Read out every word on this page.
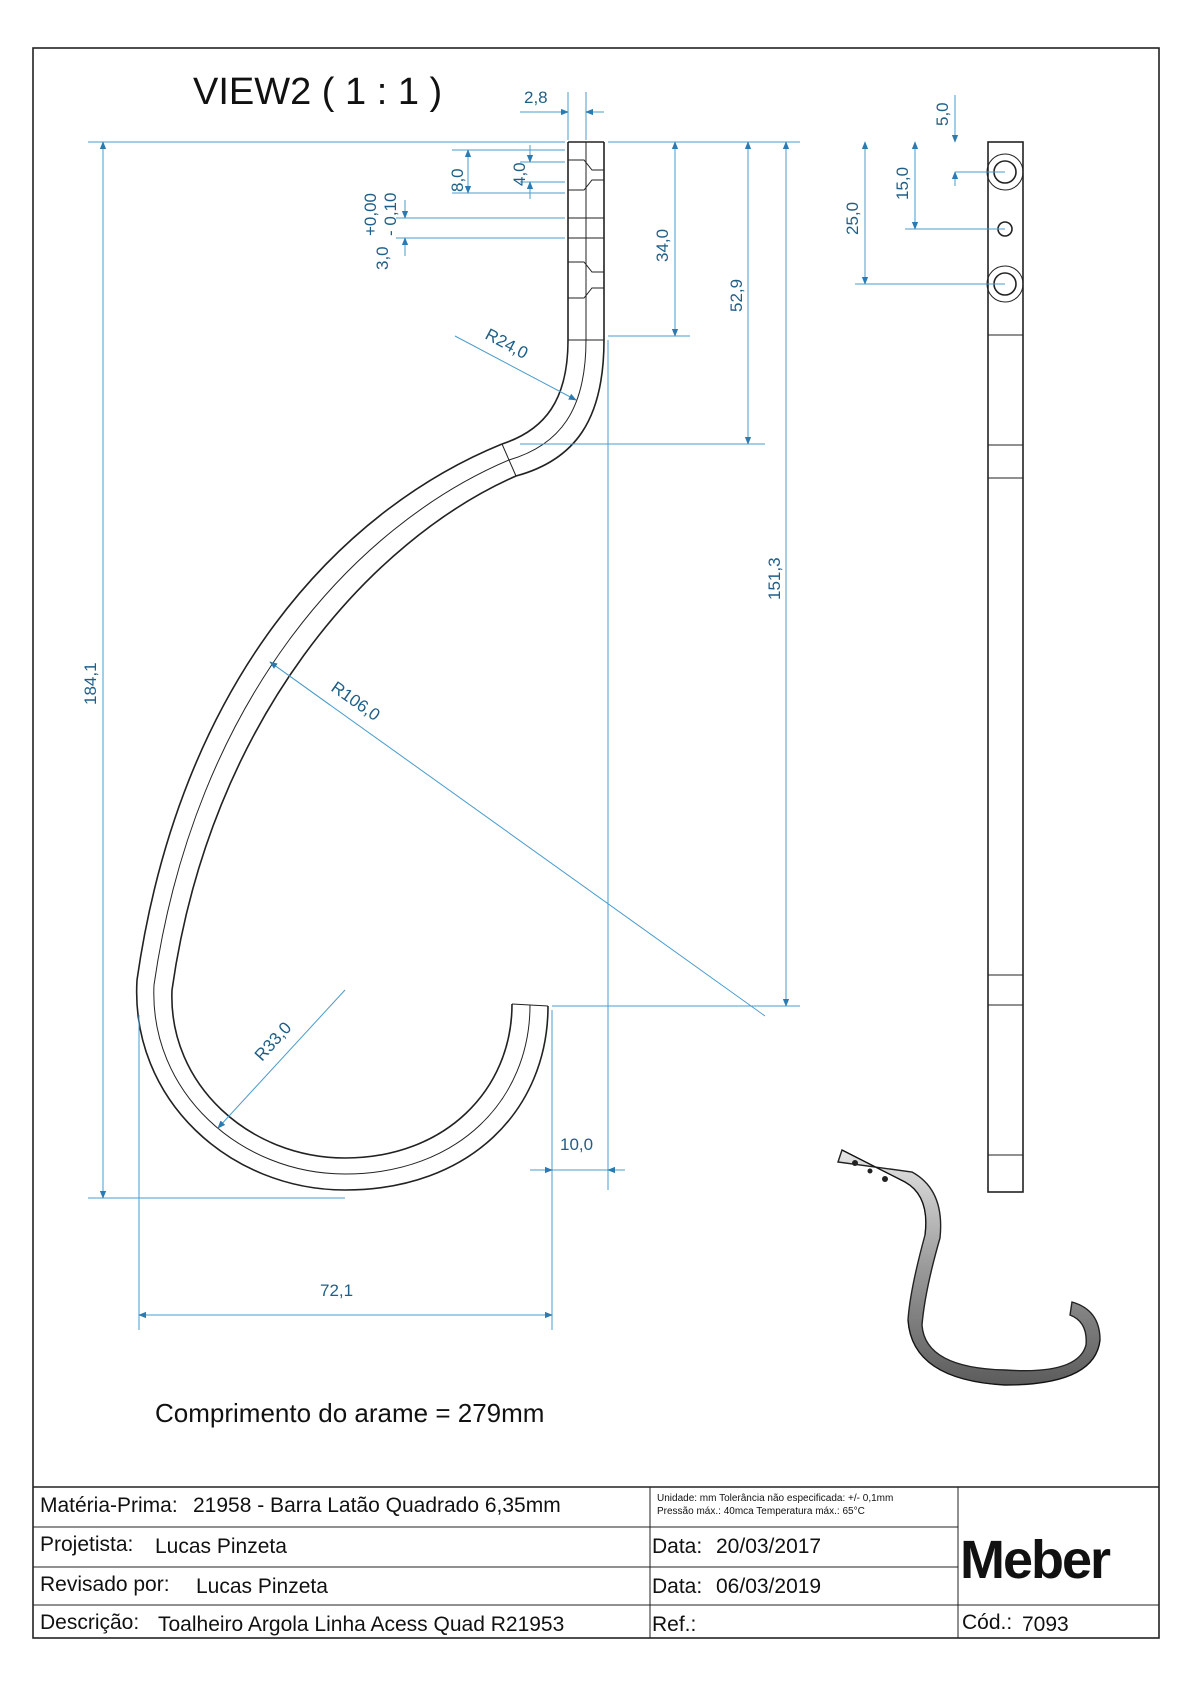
VIEW2 ( 1 : 1 )	2,8
8,0	4,0
3,0
+0,00 - 0,10
34,0
52,9
R24,0
151,3
R106,0
184,1
R33,0
10,0
72,1
5,0
15,0
25,0
Comprimento do arame = 279mm
Matéria-Prima: 21958 - Barra Latão Quadrado 6,35mm	Unidade: mm Tolerância não especificada: +/- 0,1mm
Pressão máx.: 40mca Temperatura máx.: 65°C
Projetista: Lucas Pinzeta	Data: 20/03/2017
Revisado por: Lucas Pinzeta	Data: 06/03/2019
Descrição: Toalheiro Argola Linha Acess Quad R21953	Ref.:	Cód.: 7093
Meber
